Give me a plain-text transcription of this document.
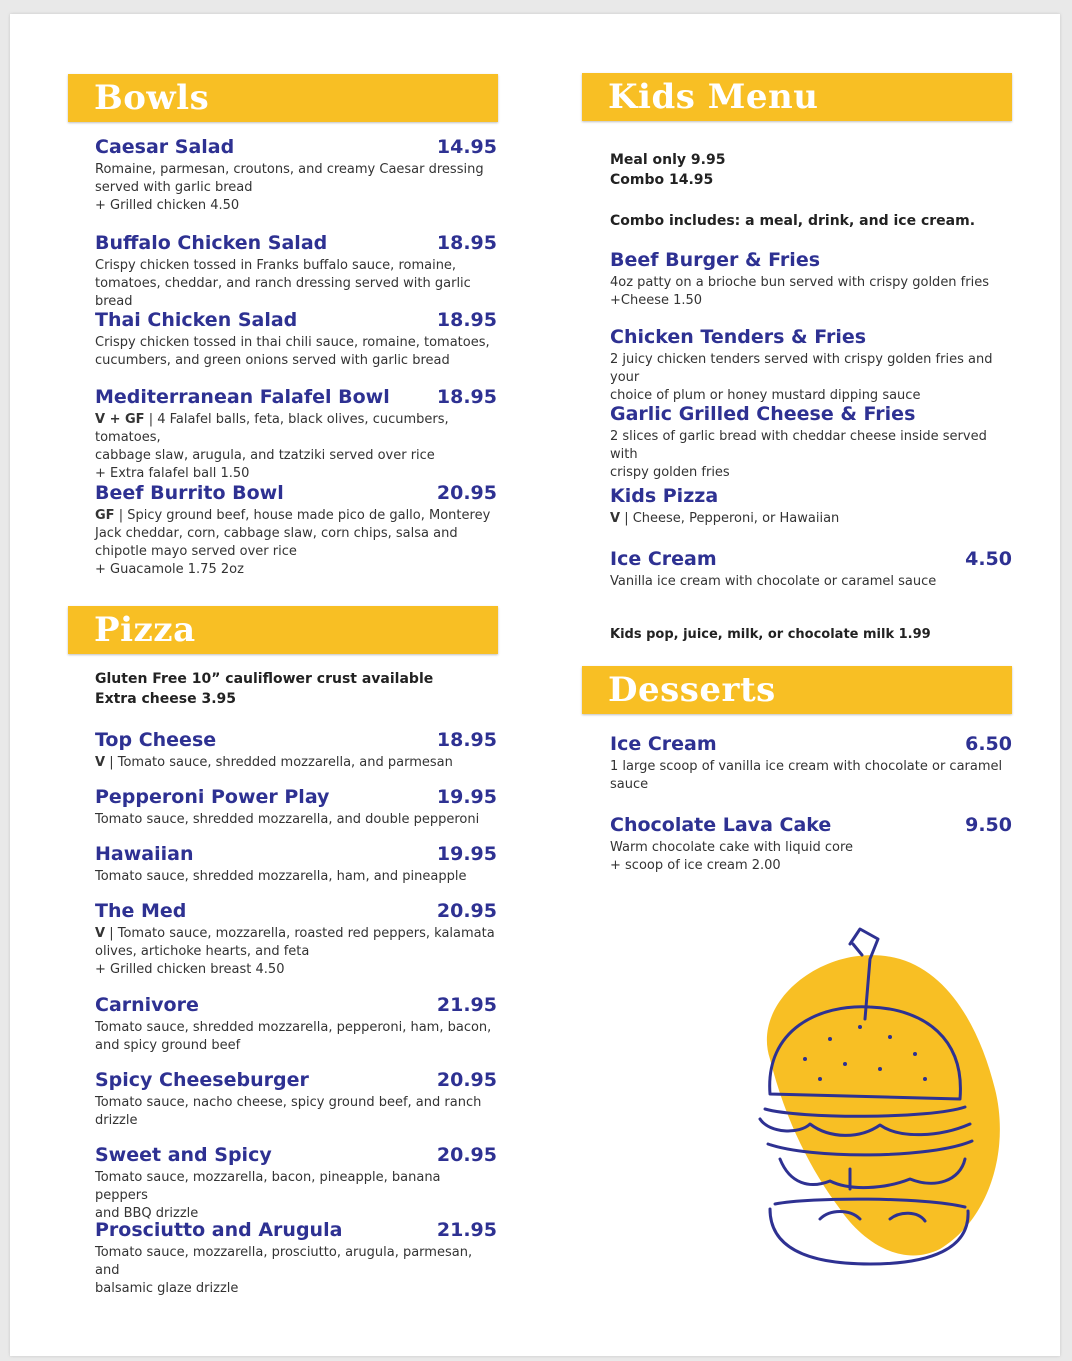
Bowls
Caesar Salad	14.95
Romaine, parmesan, croutons, and creamy Caesar dressing
served with garlic bread
+ Grilled chicken 4.50
Buffalo Chicken Salad	18.95
Crispy chicken tossed in Franks buffalo sauce, romaine,
tomatoes, cheddar, and ranch dressing served with garlic bread
Thai Chicken Salad	18.95
Crispy chicken tossed in thai chili sauce, romaine, tomatoes,
cucumbers, and green onions served with garlic bread
Mediterranean Falafel Bowl 18.95
V + GF | 4 Falafel balls, feta, black olives, cucumbers, tomatoes,
cabbage slaw, arugula, and tzatziki served over rice
+ Extra falafel ball 1.50
Beef Burrito Bowl	20.95
GF | Spicy ground beef, house made pico de gallo, Monterey
Jack cheddar, corn, cabbage slaw, corn chips, salsa and
chipotle mayo served over rice
+ Guacamole 1.75 2oz
Pizza
Gluten Free 10” cauliflower crust available
Extra cheese 3.95
Top Cheese	18.95
V | Tomato sauce, shredded mozzarella, and parmesan
Pepperoni Power Play	19.95
Tomato sauce, shredded mozzarella, and double pepperoni
Hawaiian	19.95
Tomato sauce, shredded mozzarella, ham, and pineapple
The Med	20.95
V | Tomato sauce, mozzarella, roasted red peppers, kalamata
olives, artichoke hearts, and feta
+ Grilled chicken breast 4.50
Carnivore	21.95
Tomato sauce, shredded mozzarella, pepperoni, ham, bacon,
and spicy ground beef
Spicy Cheeseburger	20.95
Tomato sauce, nacho cheese, spicy ground beef, and ranch
drizzle
Sweet and Spicy	20.95
Tomato sauce, mozzarella, bacon, pineapple, banana peppers
and BBQ drizzle
Prosciutto and Arugula	21.95
Tomato sauce, mozzarella, prosciutto, arugula, parmesan, and
balsamic glaze drizzle
Kids Menu
Meal only 9.95
Combo 14.95
Combo includes: a meal, drink, and ice cream.
Beef Burger & Fries
4oz patty on a brioche bun served with crispy golden fries
+Cheese 1.50
Chicken Tenders & Fries
2 juicy chicken tenders served with crispy golden fries and your
choice of plum or honey mustard dipping sauce
Garlic Grilled Cheese & Fries
2 slices of garlic bread with cheddar cheese inside served with
crispy golden fries
Kids Pizza
V | Cheese, Pepperoni, or Hawaiian
Ice Cream	4.50
Vanilla ice cream with chocolate or caramel sauce
Kids pop, juice, milk, or chocolate milk 1.99
Desserts
Ice Cream	6.50
1 large scoop of vanilla ice cream with chocolate or caramel
sauce
Chocolate Lava Cake	9.50
Warm chocolate cake with liquid core
+ scoop of ice cream 2.00
